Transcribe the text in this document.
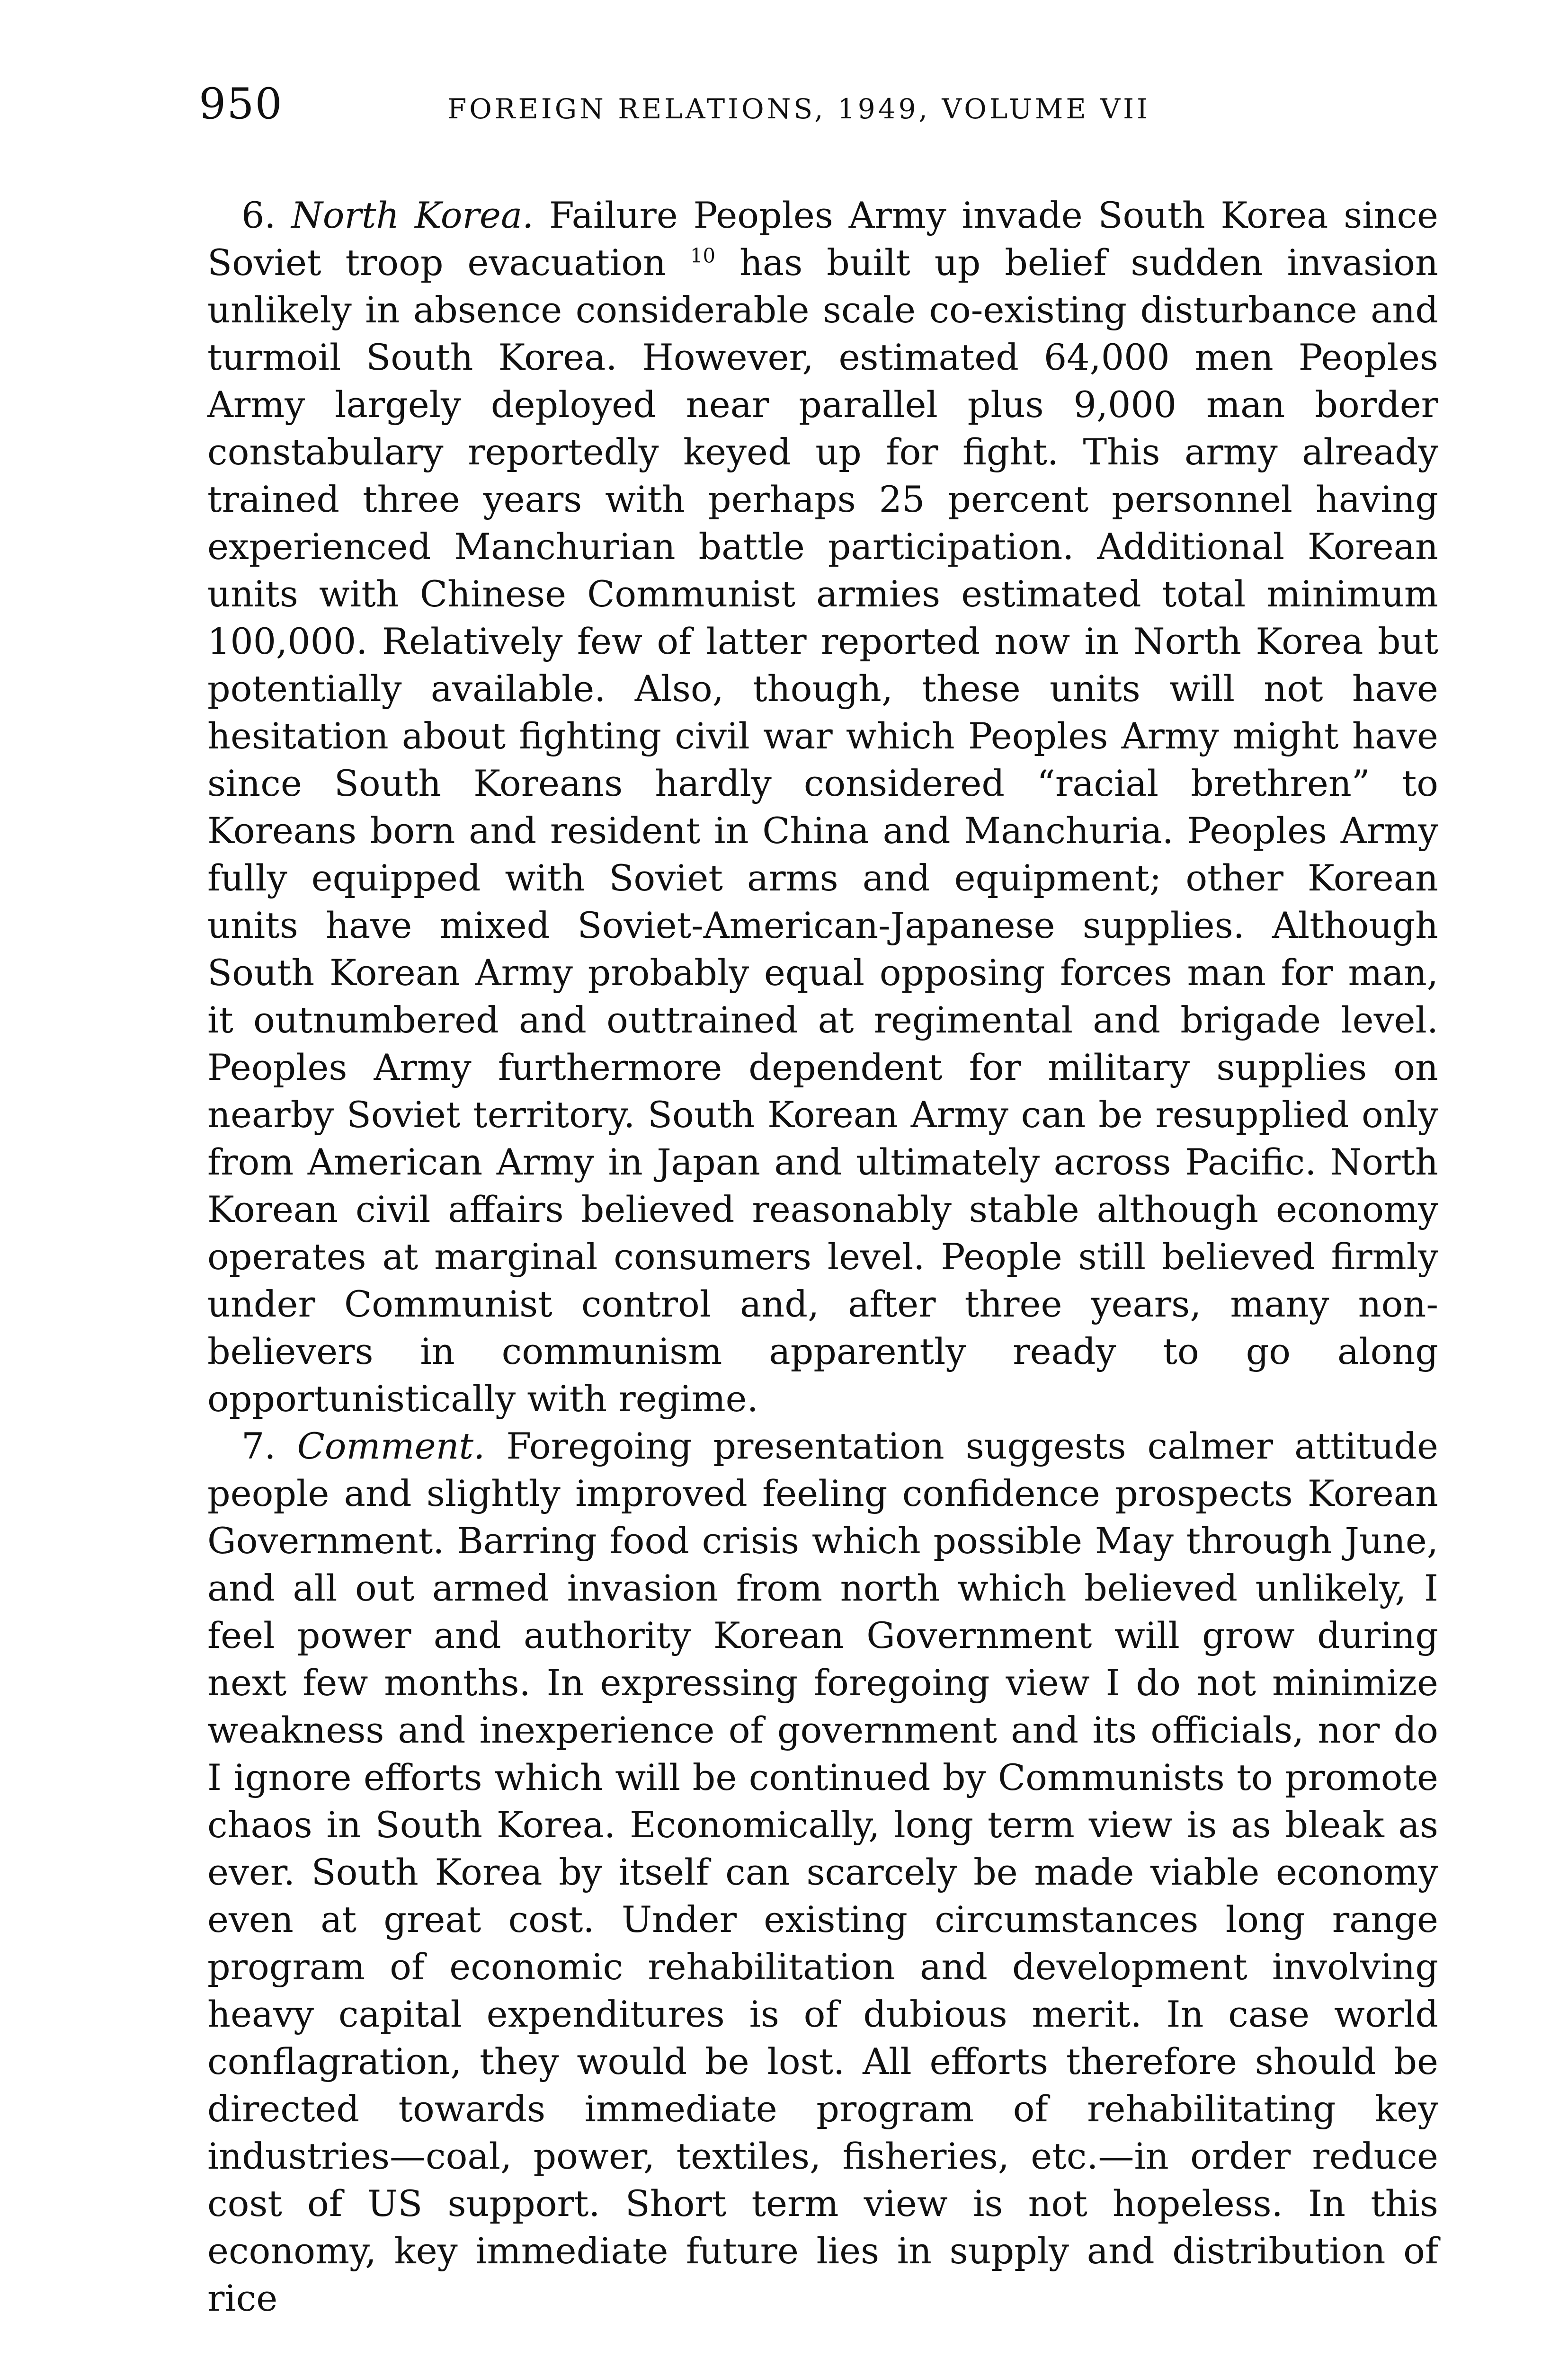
950	FOREIGN RELATIONS, 1949, VOLUME VII

6. North Korea. Failure Peoples Army invade South Korea since Soviet troop evacuation $^{10}$ has built up belief sudden invasion unlikely in absence considerable scale co-existing disturbance and turmoil South Korea. However, estimated 64,000 men Peoples Army largely deployed near parallel plus 9,000 man border constabulary reportedly keyed up for fight. This army already trained three years with perhaps 25 percent personnel having experienced Manchurian battle participation. Additional Korean units with Chinese Communist armies estimated total minimum 100,000. Relatively few of latter reported now in North Korea but potentially available. Also, though, these units will not have hesitation about fighting civil war which Peoples Army might have since South Koreans hardly considered “racial brethren” to Koreans born and resident in China and Manchuria. Peoples Army fully equipped with Soviet arms and equipment; other Korean units have mixed Soviet-American-Japanese supplies. Although South Korean Army probably equal opposing forces man for man, it outnumbered and outtrained at regimental and brigade level. Peoples Army furthermore dependent for military supplies on nearby Soviet territory. South Korean Army can be resupplied only from American Army in Japan and ultimately across Pacific. North Korean civil affairs believed reasonably stable although economy operates at marginal consumers level. People still believed firmly under Communist control and, after three years, many non-believers in communism apparently ready to go along opportunistically with regime.

7. Comment. Foregoing presentation suggests calmer attitude people and slightly improved feeling confidence prospects Korean Government. Barring food crisis which possible May through June, and all out armed invasion from north which believed unlikely, I feel power and authority Korean Government will grow during next few months. In expressing foregoing view I do not minimize weakness and inexperience of government and its officials, nor do I ignore efforts which will be continued by Communists to promote chaos in South Korea. Economically, long term view is as bleak as ever. South Korea by itself can scarcely be made viable economy even at great cost. Under existing circumstances long range program of economic rehabilitation and development involving heavy capital expenditures is of dubious merit. In case world conflagration, they would be lost. All efforts therefore should be directed towards immediate program of rehabilitating key industries—coal, power, textiles, fisheries, etc.—in order reduce cost of US support. Short term view is not hopeless. In this economy, key immediate future lies in supply and distribution of rice
